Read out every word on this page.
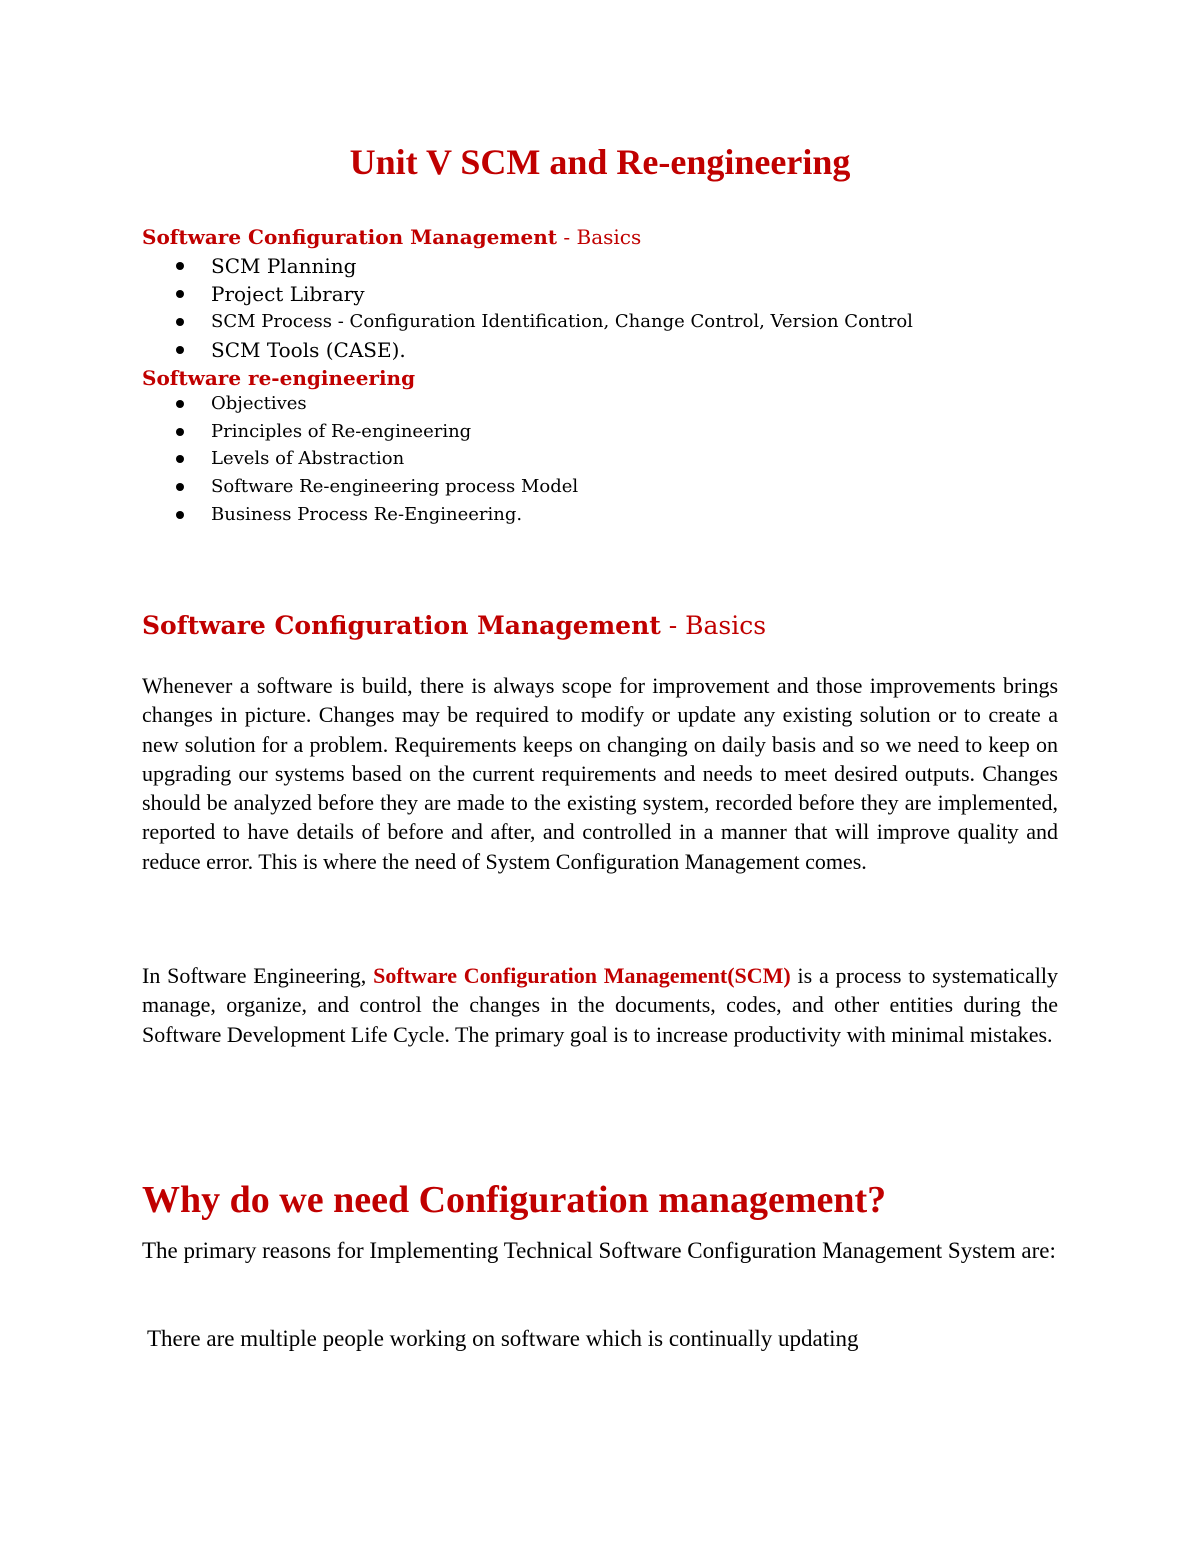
Unit V SCM and Re-engineering
Software Configuration Management - Basics
SCM Planning
Project Library
SCM Process - Configuration Identification, Change Control, Version Control
SCM Tools (CASE).
Software re-engineering
Objectives
Principles of Re-engineering
Levels of Abstraction
Software Re-engineering process Model
Business Process Re-Engineering.
Software Configuration Management - Basics

Whenever a software is build, there is always scope for improvement and those improvements brings changes in picture. Changes may be required to modify or update any existing solution or to create a new solution for a problem. Requirements keeps on changing on daily basis and so we need to keep on upgrading our systems based on the current requirements and needs to meet desired outputs. Changes should be analyzed before they are made to the existing system, recorded before they are implemented, reported to have details of before and after, and controlled in a manner that will improve quality and reduce error. This is where the need of System Configuration Management comes.

In Software Engineering, Software Configuration Management(SCM) is a process to systematically manage, organize, and control the changes in the documents, codes, and other entities during the Software Development Life Cycle. The primary goal is to increase productivity with minimal mistakes.

Why do we need Configuration management?

The primary reasons for Implementing Technical Software Configuration Management System are:

There are multiple people working on software which is continually updating
